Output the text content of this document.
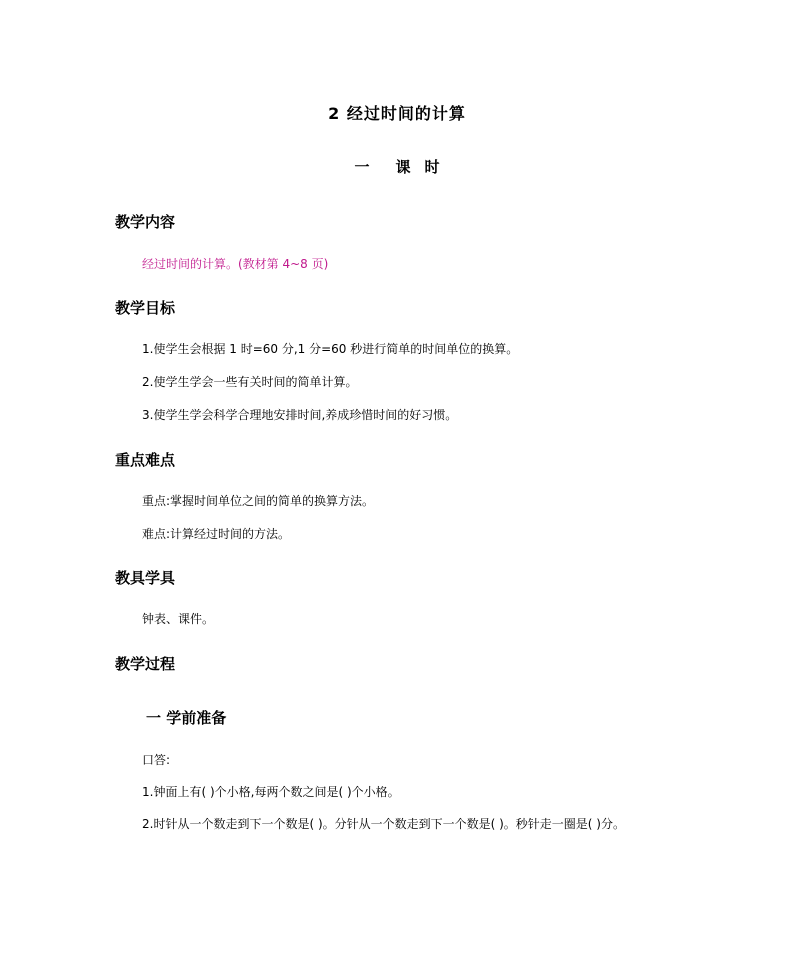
2 经过时间的计算
一 课 时
教学内容
经过时间的计算。(教材第 4~8 页)
教学目标
1.使学生会根据 1 时=60 分,1 分=60 秒进行简单的时间单位的换算。
2.使学生学会一些有关时间的简单计算。
3.使学生学会科学合理地安排时间,养成珍惜时间的好习惯。
重点难点
重点:掌握时间单位之间的简单的换算方法。
难点:计算经过时间的方法。
教具学具
钟表、课件。
教学过程
一 学前准备
口答:
1.钟面上有( )个小格,每两个数之间是( )个小格。
2.时针从一个数走到下一个数是( )。分针从一个数走到下一个数是( )。秒针走一圈是( )分。
